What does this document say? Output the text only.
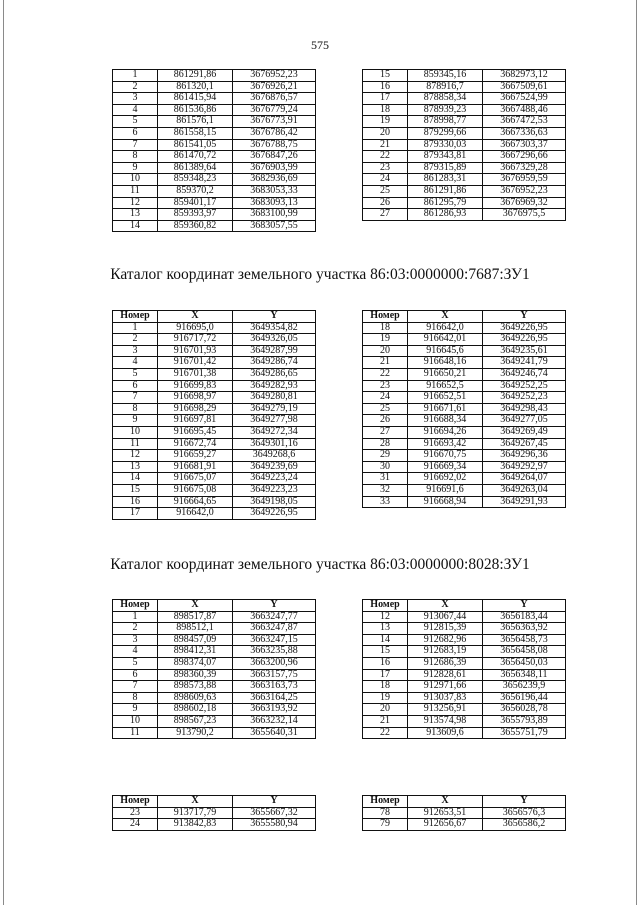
575
1	861291,86	3676952,23
2	861320,1	3676926,21
3	861415,94	3676876,57
4	861536,86	3676779,24
5	861576,1	3676773,91
6	861558,15	3676786,42
7	861541,05	3676788,75
8	861470,72	3676847,26
9	861389,64	3676903,99
10	859348,23	3682936,69
11	859370,2	3683053,33
12	859401,17	3683093,13
13	859393,97	3683100,99
14	859360,82	3683057,55
15	859345,16	3682973,12
16	878916,7	3667509,61
17	878858,34	3667524,99
18	878939,23	3667488,46
19	878998,77	3667472,53
20	879299,66	3667336,63
21	879330,03	3667303,37
22	879343,81	3667296,66
23	879315,89	3667329,28
24	861283,31	3676959,59
25	861291,86	3676952,23
26	861295,79	3676969,32
27	861286,93	3676975,5
Каталог координат земельного участка 86:03:0000000:7687:ЗУ1
Номер	X	Y
1	916695,0	3649354,82
2	916717,72	3649326,05
3	916701,93	3649287,99
4	916701,42	3649286,74
5	916701,38	3649286,65
6	916699,83	3649282,93
7	916698,97	3649280,81
8	916698,29	3649279,19
9	916697,81	3649277,98
10	916695,45	3649272,34
11	916672,74	3649301,16
12	916659,27	3649268,6
13	916681,91	3649239,69
14	916675,07	3649223,24
15	916675,08	3649223,23
16	916664,65	3649198,05
17	916642,0	3649226,95
Номер	X	Y
18	916642,0	3649226,95
19	916642,01	3649226,95
20	916645,6	3649235,61
21	916648,16	3649241,79
22	916650,21	3649246,74
23	916652,5	3649252,25
24	916652,51	3649252,23
25	916671,61	3649298,43
26	916688,34	3649277,05
27	916694,26	3649269,49
28	916693,42	3649267,45
29	916670,75	3649296,36
30	916669,34	3649292,97
31	916692,02	3649264,07
32	916691,6	3649263,04
33	916668,94	3649291,93
Каталог координат земельного участка 86:03:0000000:8028:ЗУ1
Номер	X	Y
1	898517,87	3663247,77
2	898512,1	3663247,87
3	898457,09	3663247,15
4	898412,31	3663235,88
5	898374,07	3663200,96
6	898360,39	3663157,75
7	898573,88	3663163,73
8	898609,63	3663164,25
9	898602,18	3663193,92
10	898567,23	3663232,14
11	913790,2	3655640,31
Номер	X	Y
12	913067,44	3656183,44
13	912815,39	3656363,92
14	912682,96	3656458,73
15	912683,19	3656458,08
16	912686,39	3656450,03
17	912828,61	3656348,11
18	912971,66	3656239,9
19	913037,83	3656196,44
20	913256,91	3656028,78
21	913574,98	3655793,89
22	913609,6	3655751,79
Номер	X	Y
23	913717,79	3655667,32
24	913842,83	3655580,94
Номер	X	Y
78	912653,51	3656576,3
79	912656,67	3656586,2
